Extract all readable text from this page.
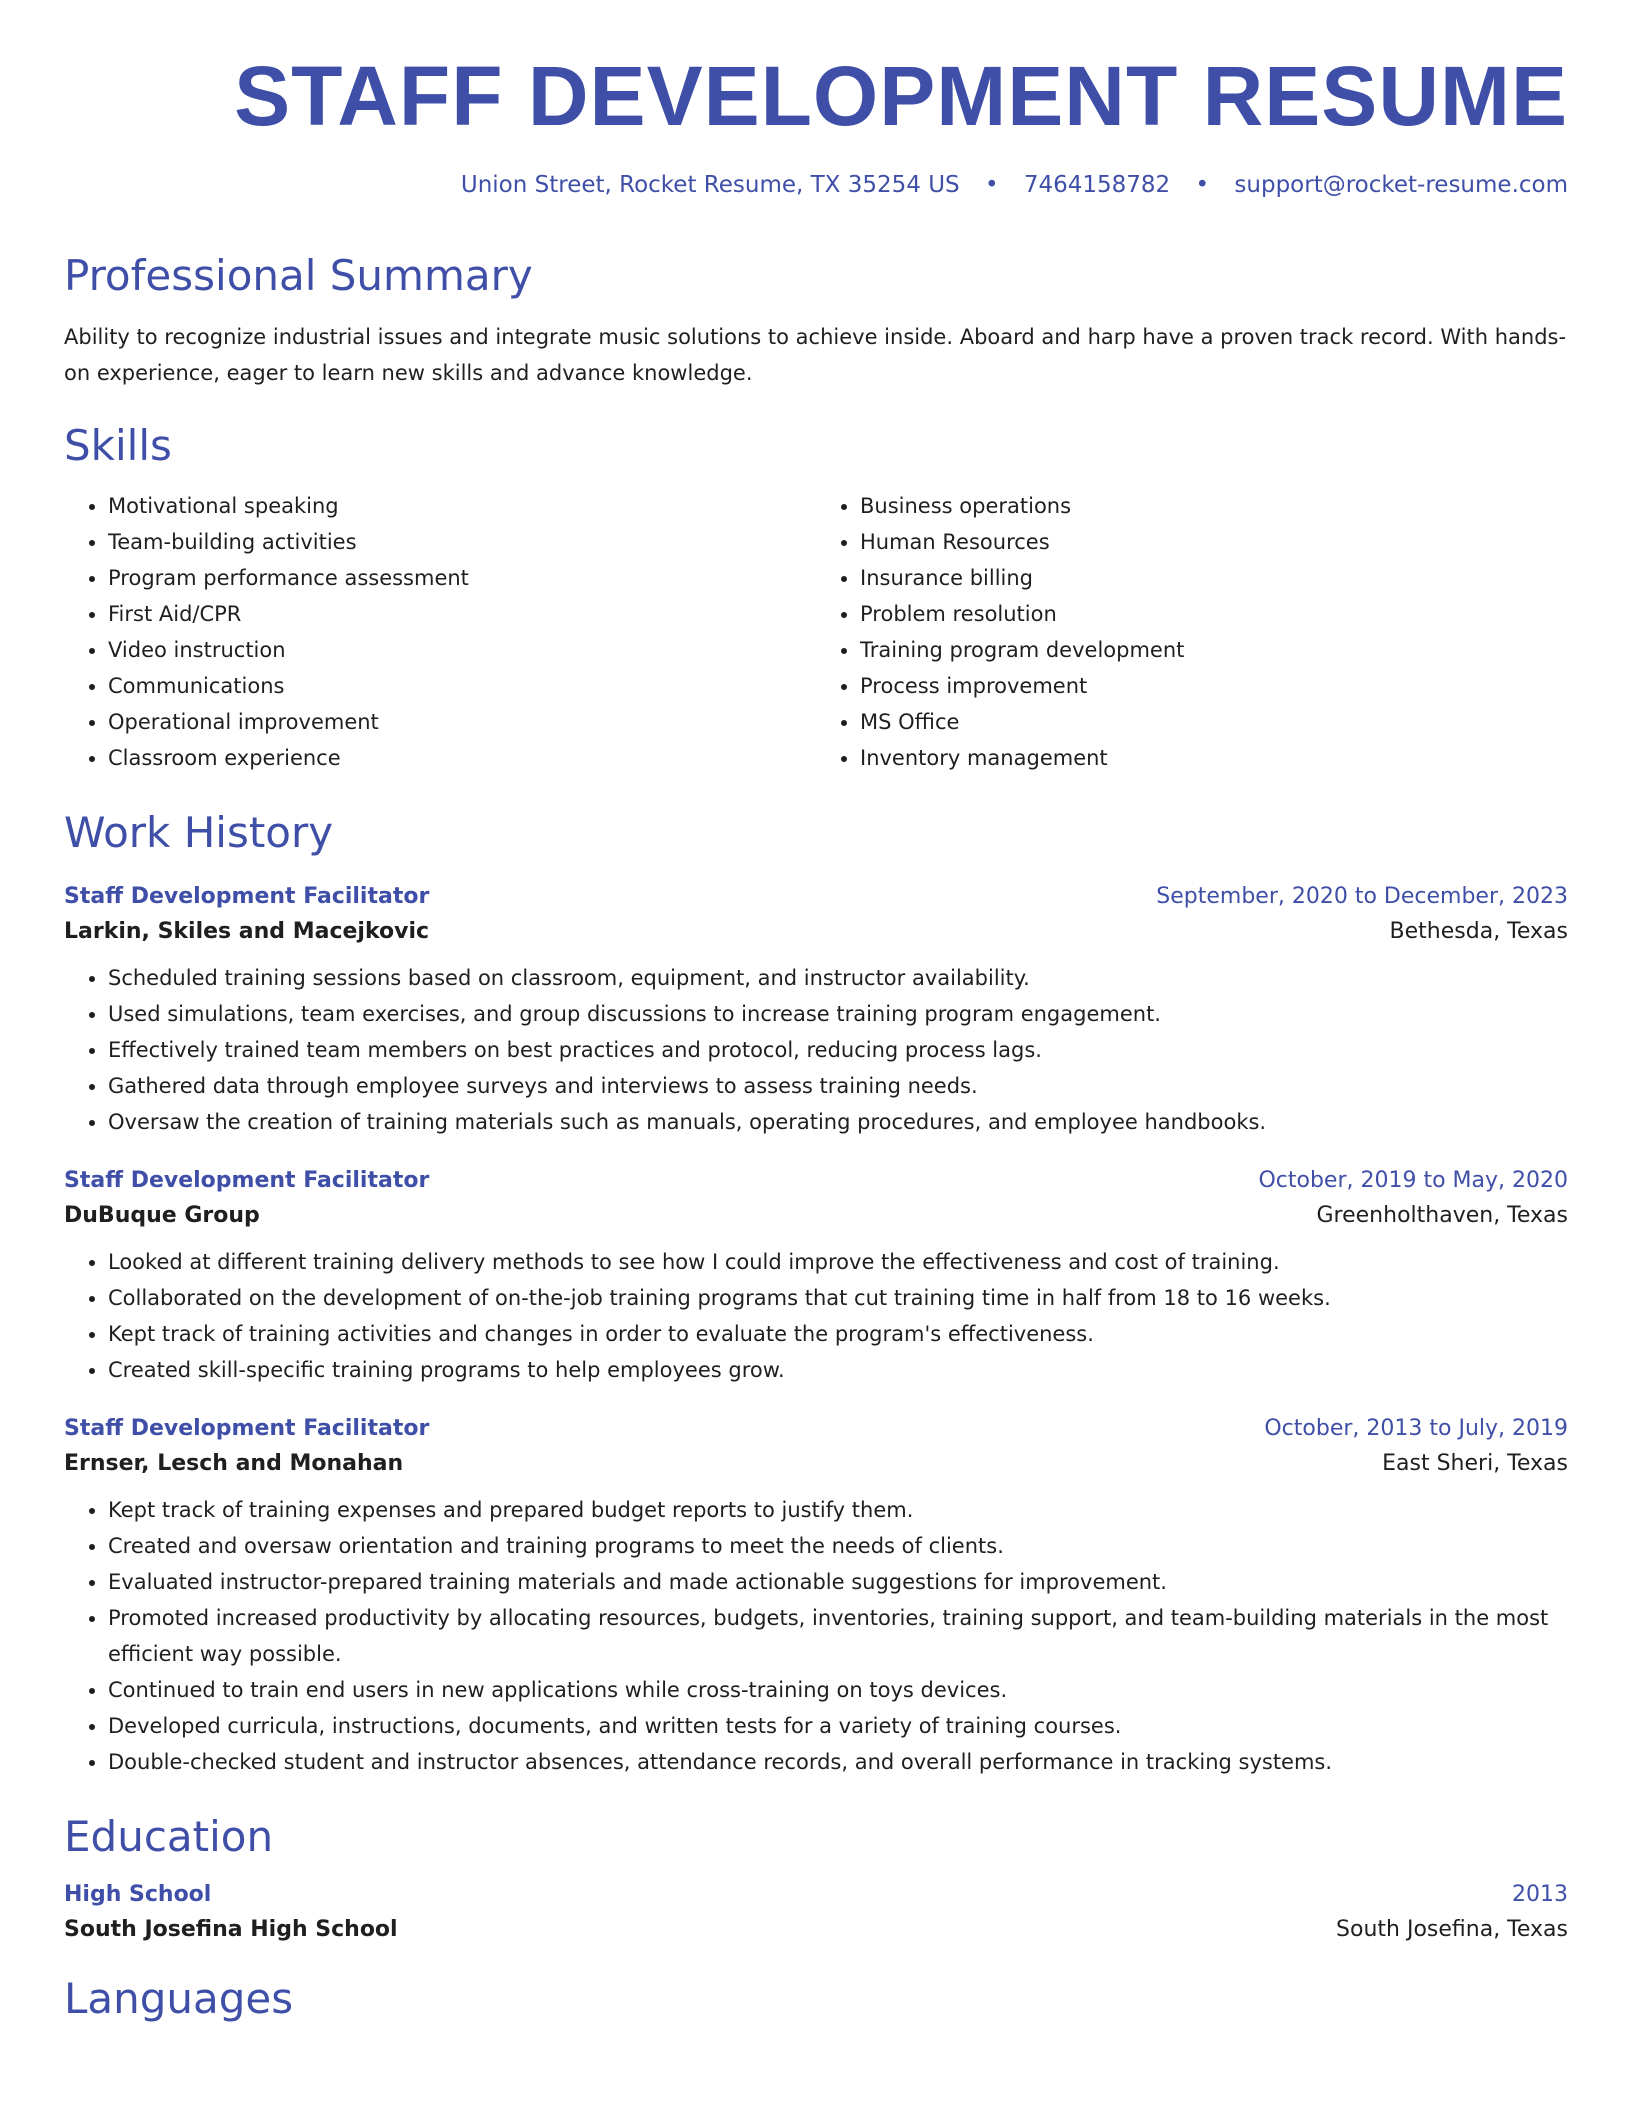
STAFF DEVELOPMENT RESUME
Union Street, Rocket Resume, TX 35254 US • 7464158782 • support@rocket-resume.com
Professional Summary
Ability to recognize industrial issues and integrate music solutions to achieve inside. Aboard and harp have a proven track record. With hands-on experience, eager to learn new skills and advance knowledge.
Skills
• Motivational speaking
• Team-building activities
• Program performance assessment
• First Aid/CPR
• Video instruction
• Communications
• Operational improvement
• Classroom experience
• Business operations
• Human Resources
• Insurance billing
• Problem resolution
• Training program development
• Process improvement
• MS Office
• Inventory management
Work History
Staff Development Facilitator	September, 2020 to December, 2023
Larkin, Skiles and Macejkovic	Bethesda, Texas
• Scheduled training sessions based on classroom, equipment, and instructor availability.
• Used simulations, team exercises, and group discussions to increase training program engagement.
• Effectively trained team members on best practices and protocol, reducing process lags.
• Gathered data through employee surveys and interviews to assess training needs.
• Oversaw the creation of training materials such as manuals, operating procedures, and employee handbooks.
Staff Development Facilitator	October, 2019 to May, 2020
DuBuque Group	Greenholthaven, Texas
• Looked at different training delivery methods to see how I could improve the effectiveness and cost of training.
• Collaborated on the development of on-the-job training programs that cut training time in half from 18 to 16 weeks.
• Kept track of training activities and changes in order to evaluate the program's effectiveness.
• Created skill-specific training programs to help employees grow.
Staff Development Facilitator	October, 2013 to July, 2019
Ernser, Lesch and Monahan	East Sheri, Texas
• Kept track of training expenses and prepared budget reports to justify them.
• Created and oversaw orientation and training programs to meet the needs of clients.
• Evaluated instructor-prepared training materials and made actionable suggestions for improvement.
• Promoted increased productivity by allocating resources, budgets, inventories, training support, and team-building materials in the most efficient way possible.
• Continued to train end users in new applications while cross-training on toys devices.
• Developed curricula, instructions, documents, and written tests for a variety of training courses.
• Double-checked student and instructor absences, attendance records, and overall performance in tracking systems.
Education
High School	2013
South Josefina High School	South Josefina, Texas
Languages
